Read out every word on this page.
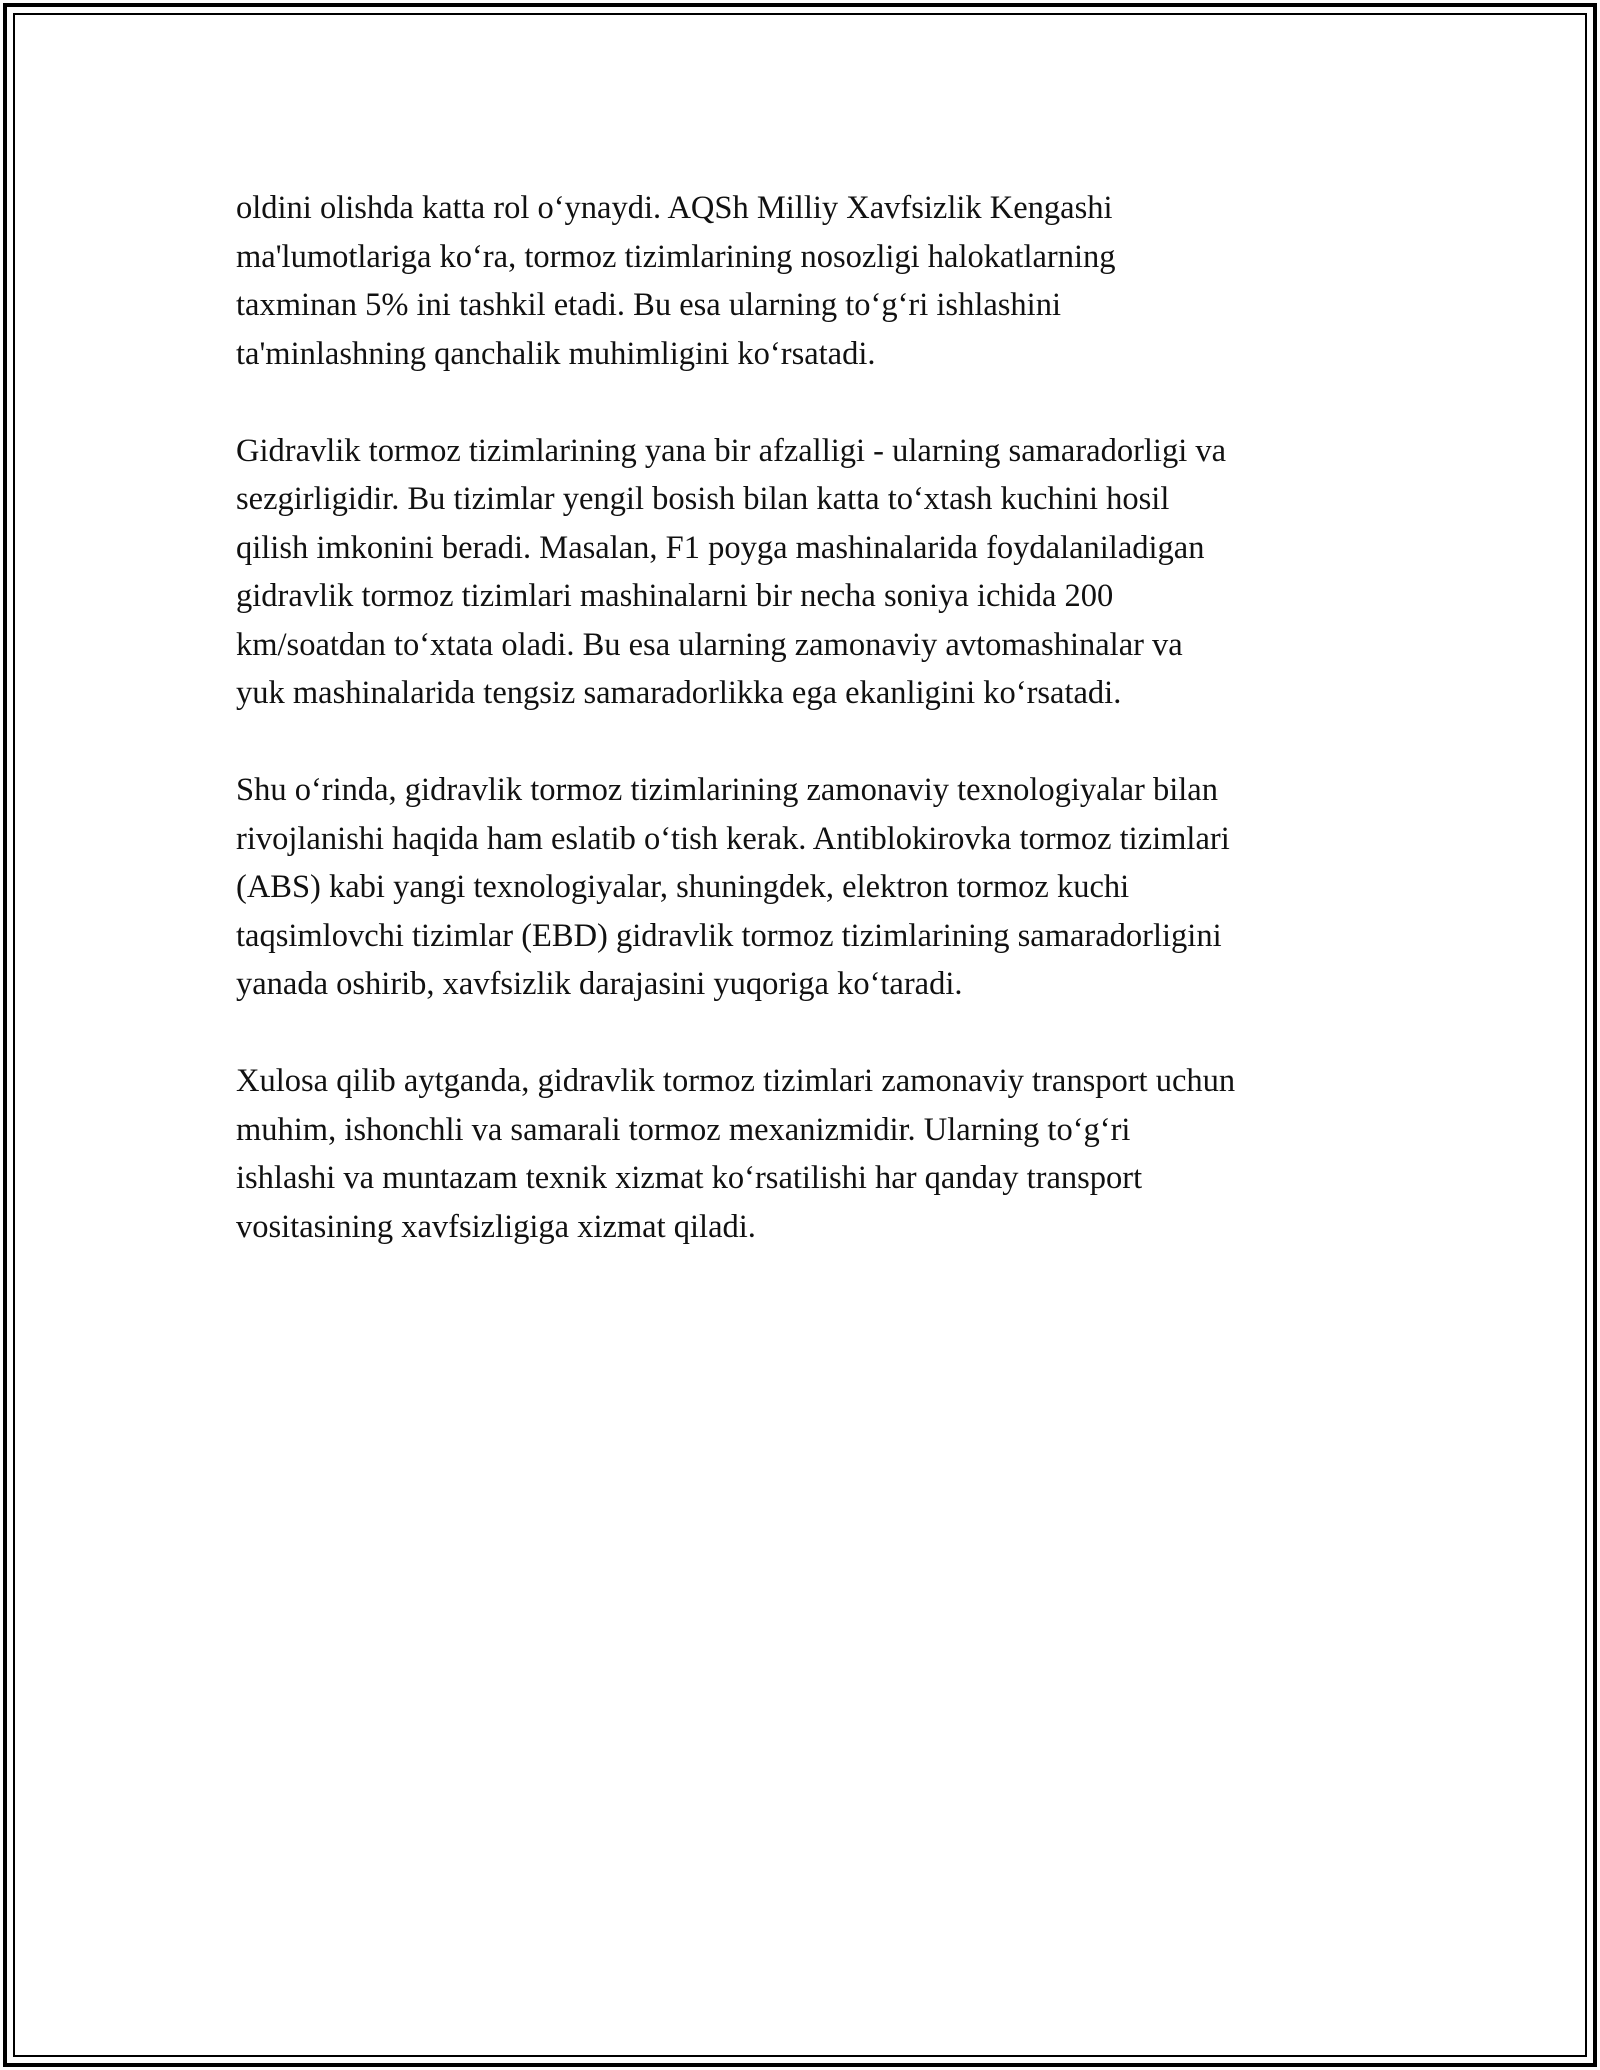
oldini olishda katta rol o‘ynaydi. AQSh Milliy Xavfsizlik Kengashi
ma'lumotlariga ko‘ra, tormoz tizimlarining nosozligi halokatlarning
taxminan 5% ini tashkil etadi. Bu esa ularning to‘g‘ri ishlashini
ta'minlashning qanchalik muhimligini ko‘rsatadi.

Gidravlik tormoz tizimlarining yana bir afzalligi - ularning samaradorligi va
sezgirligidir. Bu tizimlar yengil bosish bilan katta to‘xtash kuchini hosil
qilish imkonini beradi. Masalan, F1 poyga mashinalarida foydalaniladigan
gidravlik tormoz tizimlari mashinalarni bir necha soniya ichida 200
km/soatdan to‘xtata oladi. Bu esa ularning zamonaviy avtomashinalar va
yuk mashinalarida tengsiz samaradorlikka ega ekanligini ko‘rsatadi.

Shu o‘rinda, gidravlik tormoz tizimlarining zamonaviy texnologiyalar bilan
rivojlanishi haqida ham eslatib o‘tish kerak. Antiblokirovka tormoz tizimlari
(ABS) kabi yangi texnologiyalar, shuningdek, elektron tormoz kuchi
taqsimlovchi tizimlar (EBD) gidravlik tormoz tizimlarining samaradorligini
yanada oshirib, xavfsizlik darajasini yuqoriga ko‘taradi.

Xulosa qilib aytganda, gidravlik tormoz tizimlari zamonaviy transport uchun
muhim, ishonchli va samarali tormoz mexanizmidir. Ularning to‘g‘ri
ishlashi va muntazam texnik xizmat ko‘rsatilishi har qanday transport
vositasining xavfsizligiga xizmat qiladi.
